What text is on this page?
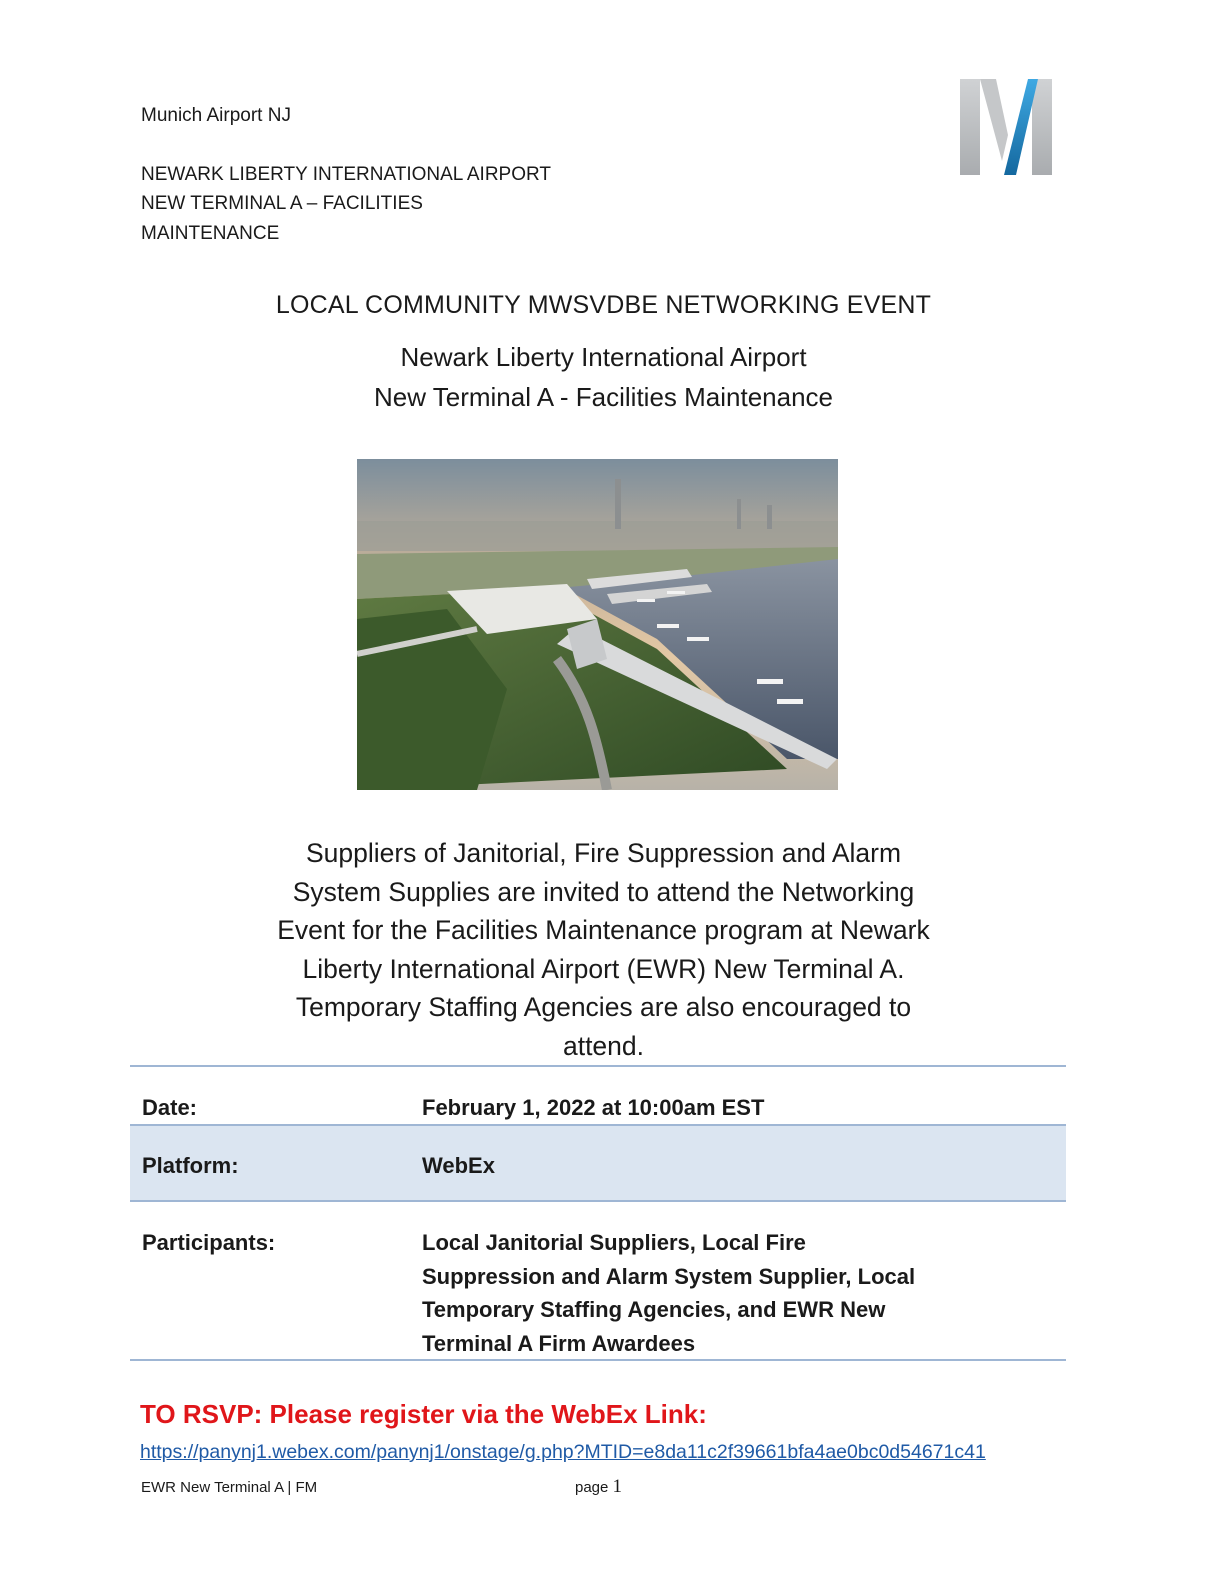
Munich Airport NJ
NEWARK LIBERTY INTERNATIONAL AIRPORT
NEW TERMINAL A – FACILITIES
MAINTENANCE
LOCAL COMMUNITY MWSVDBE NETWORKING EVENT
Newark Liberty International Airport
New Terminal A - Facilities Maintenance
Suppliers of Janitorial, Fire Suppression and Alarm
System Supplies are invited to attend the Networking
Event for the Facilities Maintenance program at Newark
Liberty International Airport (EWR) New Terminal A.
Temporary Staffing Agencies are also encouraged to
attend.
Date:	February 1, 2022 at 10:00am EST
Platform:	WebEx
Participants:	Local Janitorial Suppliers, Local Fire
Suppression and Alarm System Supplier, Local
Temporary Staffing Agencies, and EWR New
Terminal A Firm Awardees
TO RSVP: Please register via the WebEx Link:
https://panynj1.webex.com/panynj1/onstage/g.php?MTID=e8da11c2f39661bfa4ae0bc0d54671c41
EWR New Terminal A | FM	page 1
